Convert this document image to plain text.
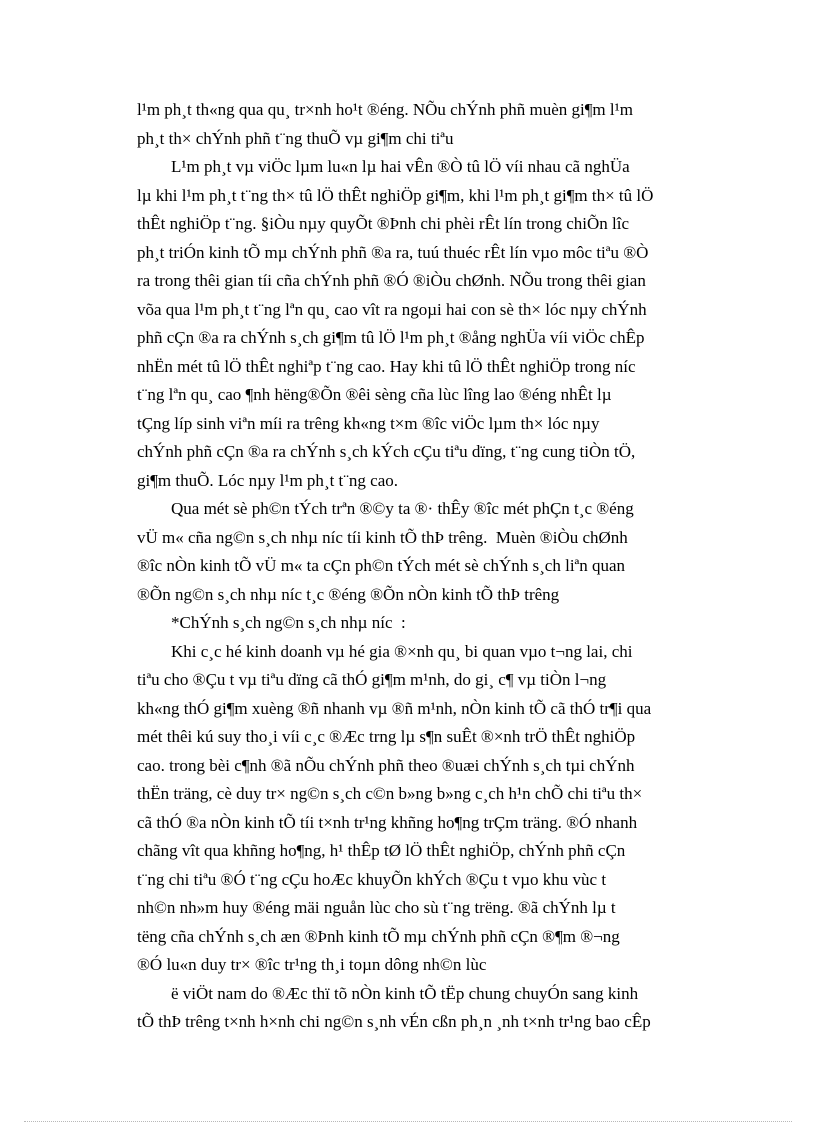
l¹m ph¸t th«ng qua qu¸ tr×nh ho¹t ®éng. NÕu chÝnh phñ muèn gi¶m l¹m
ph¸t th× chÝnh phñ t¨ng thuÕ vµ gi¶m chi tiªu
L¹m ph¸t vµ viÖc lµm lu«n lµ hai vÊn ®Ò tû lÖ víi nhau cã nghÜa
lµ khi l¹m ph¸t t¨ng th× tû lÖ thÊt nghiÖp gi¶m, khi l¹m ph¸t gi¶m th× tû lÖ
thÊt nghiÖp t¨ng. §iÒu nµy quyÕt ®Þnh chi phèi rÊt lín trong chiÕn lîc
ph¸t triÓn kinh tÕ mµ chÝnh phñ ®a ra, tuú thuéc rÊt lín vµo môc tiªu ®Ò
ra trong thêi gian tíi cña chÝnh phñ ®Ó ®iÒu chØnh. NÕu trong thêi gian
võa qua l¹m ph¸t t¨ng lªn qu¸ cao vît ra ngoµi hai con sè th× lóc nµy chÝnh
phñ cÇn ®a ra chÝnh s¸ch gi¶m tû lÖ l¹m ph¸t ®ång nghÜa víi viÖc chÊp
nhËn mét tû lÖ thÊt nghiªp t¨ng cao. Hay khi tû lÖ thÊt nghiÖp trong níc
t¨ng lªn qu¸ cao ¶nh hëng®Õn ®êi sèng cña lùc lîng lao ®éng nhÊt lµ
tÇng líp sinh viªn míi ra trêng kh«ng t×m ®îc viÖc lµm th× lóc nµy
chÝnh phñ cÇn ®a ra chÝnh s¸ch kÝch cÇu tiªu dïng, t¨ng cung tiÒn tÖ,
gi¶m thuÕ. Lóc nµy l¹m ph¸t t¨ng cao.
Qua mét sè ph©n tÝch trªn ®©y ta ®· thÊy ®îc mét phÇn t¸c ®éng
vÜ m« cña ng©n s¸ch nhµ níc tíi kinh tÕ thÞ trêng.  Muèn ®iÒu chØnh
®îc nÒn kinh tÕ vÜ m« ta cÇn ph©n tÝch mét sè chÝnh s¸ch liªn quan
®Õn ng©n s¸ch nhµ níc t¸c ®éng ®Õn nÒn kinh tÕ thÞ trêng
*ChÝnh s¸ch ng©n s¸ch nhµ níc  :
Khi c¸c hé kinh doanh vµ hé gia ®×nh qu¸ bi quan vµo t¬ng lai, chi
tiªu cho ®Çu t vµ tiªu dïng cã thÓ gi¶m m¹nh, do gi¸ c¶ vµ tiÒn l¬ng
kh«ng thÓ gi¶m xuèng ®ñ nhanh vµ ®ñ m¹nh, nÒn kinh tÕ cã thÓ tr¶i qua
mét thêi kú suy tho¸i víi c¸c ®Æc trng lµ s¶n suÊt ®×nh trÖ thÊt nghiÖp
cao. trong bèi c¶nh ®ã nÕu chÝnh phñ theo ®uæi chÝnh s¸ch tµi chÝnh
thËn träng, cè duy tr× ng©n s¸ch c©n b»ng b»ng c¸ch h¹n chÕ chi tiªu th×
cã thÓ ®a nÒn kinh tÕ tíi t×nh tr¹ng khñng ho¶ng trÇm träng. ®Ó nhanh
chãng vît qua khñng ho¶ng, h¹ thÊp tØ lÖ thÊt nghiÖp, chÝnh phñ cÇn
t¨ng chi tiªu ®Ó t¨ng cÇu hoÆc khuyÕn khÝch ®Çu t vµo khu vùc t
nh©n nh»m huy ®éng mäi nguån lùc cho sù t¨ng trëng. ®ã chÝnh lµ t
tëng cña chÝnh s¸ch æn ®Þnh kinh tÕ mµ chÝnh phñ cÇn ®¶m ®¬ng
®Ó lu«n duy tr× ®îc tr¹ng th¸i toµn dông nh©n lùc
ë viÖt nam do ®Æc thï tõ nÒn kinh tÕ tËp chung chuyÓn sang kinh
tÕ thÞ trêng t×nh h×nh chi ng©n s¸nh vÉn cßn ph¸n ¸nh t×nh tr¹ng bao cÊp
